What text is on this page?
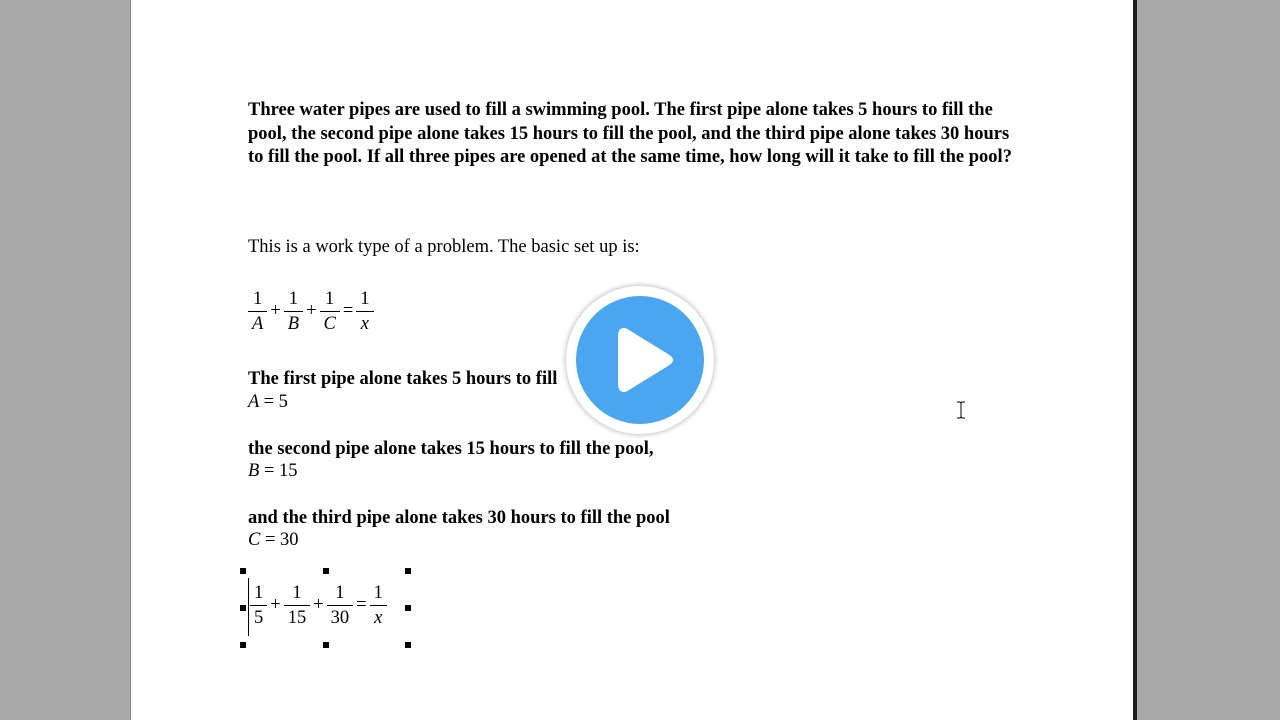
Three water pipes are used to fill a swimming pool. The first pipe alone takes 5 hours to fill the pool, the second pipe alone takes 15 hours to fill the pool, and the third pipe alone takes 30 hours to fill the pool. If all three pipes are opened at the same time, how long will it take to fill the pool?
This is a work type of a problem. The basic set up is:
$\frac{1}{A} + \frac{1}{B} + \frac{1}{C} = \frac{1}{x}$
The first pipe alone takes 5 hours to fill
A = 5
the second pipe alone takes 15 hours to fill the pool,
B = 15
and the third pipe alone takes 30 hours to fill the pool
C = 30
$\frac{1}{5} + \frac{1}{15} + \frac{1}{30} = \frac{1}{x}$
